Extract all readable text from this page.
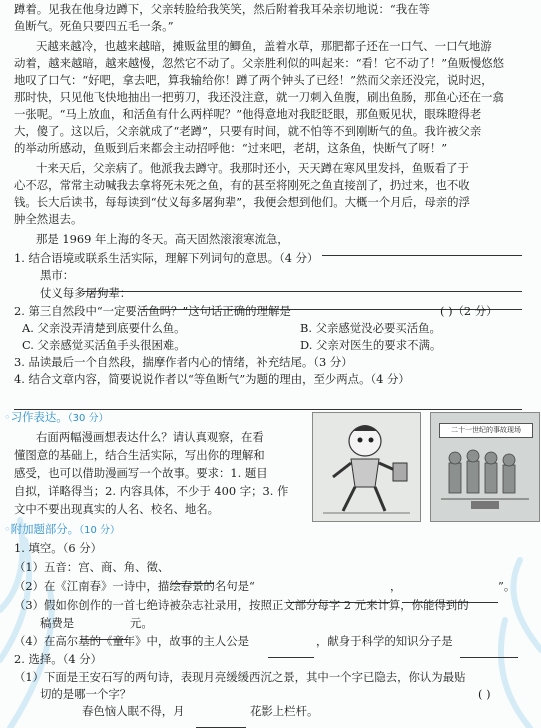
蹲着。见我在他身边蹲下，父亲转脸给我笑笑，然后附着我耳朵亲切地说：“我在等
鱼断气。死鱼只要四五毛一条。”
天越来越冷，也越来越暗，摊贩盆里的鲫鱼，盖着水草，那肥都子还在一口气、一口气地游
动着，越来越暗，越来越慢，忽然它不动了。父亲胜利似的叫起来：“看！它不动了！”鱼贩慢悠悠
地叹了口气：“好吧，拿去吧，算我输给你！蹲了两个钟头了已经！”然而父亲还没完，说时迟，
那时快，只见他飞快地抽出一把剪刀，我还没注意，就一刀刺入鱼腹，刷出鱼肠，那鱼心还在一翕
一张呢。“马上放血，和活鱼有什么两样呢？”他得意地对我眨眨眼，那鱼贩见状，眼珠瞪得老
大，傻了。这以后，父亲就成了“老蹲”，只要有时间，就不怕等不到刚断气的鱼。我许被父亲
的举动所感动，鱼贩到后来都会主动招呼他：“过来吧，老胡，这条鱼，快断气了呀！”
十来天后，父亲病了。他派我去蹲守。我那时还小，天天蹲在寒风里发抖，鱼贩看了于
心不忍，常常主动喊我去拿将死未死之鱼，有的甚至将刚死之鱼直接剖了，扔过来，也不收
钱。长大后读书，每每读到“仗义每多屠狗辈”，我便会想到他们。大概一个月后，母亲的浮
肿全然退去。
那是 1969 年上海的冬天。高天固然滚滚寒流急，
1. 结合语境或联系生活实际，理解下列词句的意思。（4 分）
黑市：
仗义每多屠狗辈：
2. 第三自然段中“一定要活鱼吗？”这句话正确的理解是	( )（2 分）
A. 父亲没弄清楚到底要什么鱼。	B. 父亲感觉没必要买活鱼。
C. 父亲感觉买活鱼手头很困难。	D. 父亲对医生的要求不满。
3. 品读最后一个自然段，揣摩作者内心的情绪，补充结尾。（3 分）
4. 结合文章内容，简要说说作者以“等鱼断气”为题的理由，至少两点。（4 分）
◦习作表达。（30 分）
右面两幅漫画想表达什么？请认真观察，在看
懂图意的基础上，结合生活实际，写出你的理解和
感受，也可以借助漫画写一个故事。要求：1. 题目
自拟，详略得当；2. 内容具体，不少于 400 字；3. 作
文中不要出现真实的人名、校名、地名。
二十一世纪的事故现场
◦附加题部分。（10 分）
1. 填空。（6 分）
（1）五音：宫、商、角、徵、
（2）在《江南春》一诗中，描绘春景的名句是“	，	”。
（3）假如你创作的一首七绝诗被杂志社录用，按照正文部分每字 2 元来计算，你能得到的
稿费是	元。
（4）在高尔基的《童年》中，故事的主人公是	，献身于科学的知识分子是
2. 选择。（4 分）
（1）下面是王安石写的两句诗，表现月亮缓缓西沉之景，其中一个字已隐去，你认为最贴
切的是哪一个字？	( )
春色恼人眠不得，月	花影上栏杆。
